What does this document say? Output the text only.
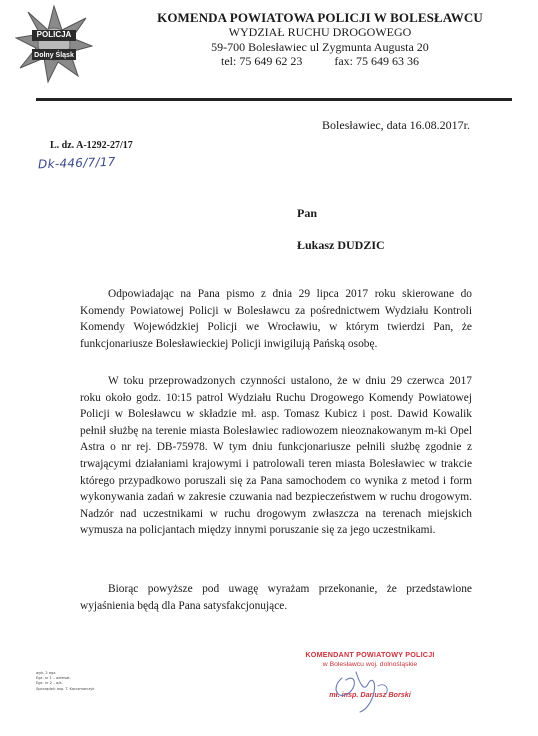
POLICJA
Dolny Śląsk
KOMENDA POWIATOWA POLICJI W BOLESŁAWCU
WYDZIAŁ RUCHU DROGOWEGO
59-700 Bolesławiec ul Zygmunta Augusta 20
tel: 75 649 62 23	fax: 75 649 63 36
Bolesławiec, data 16.08.2017r.
L. dz. A-1292-27/17
Dk-446/7/17
Pan
Łukasz DUDZIC
Odpowiadając na Pana pismo z dnia 29 lipca 2017 roku skierowane do Komendy Powiatowej Policji w Bolesławcu za pośrednictwem Wydziału Kontroli Komendy Wojewódzkiej Policji we Wrocławiu, w którym twierdzi Pan, że funkcjonariusze Bolesławieckiej Policji inwigilują Pańską osobę.
W toku przeprowadzonych czynności ustalono, że w dniu 29 czerwca 2017 roku około godz. 10:15 patrol Wydziału Ruchu Drogowego Komendy Powiatowej Policji w Bolesławcu w składzie mł. asp. Tomasz Kubicz i post. Dawid Kowalik pełnił służbę na terenie miasta Bolesławiec radiowozem nieoznakowanym m-ki Opel Astra o nr rej. DB-75978. W tym dniu funkcjonariusze pełnili służbę zgodnie z trwającymi działaniami krajowymi i patrolowali teren miasta Bolesławiec w trakcie którego przypadkowo poruszali się za Pana samochodem co wynika z metod i form wykonywania zadań w zakresie czuwania nad bezpieczeństwem w ruchu drogowym. Nadzór nad uczestnikami w ruchu drogowym zwłaszcza na terenach miejskich wymusza na policjantach między innymi poruszanie się za jego uczestnikami.
Biorąc powyższe pod uwagę wyrażam przekonanie, że przedstawione wyjaśnienia będą dla Pana satysfakcjonujące.
wyk. 2 egz.
Egz. nr 1 – adresat.
Egz. nr 2 – a/a.
Sporządził: asp. T. Karczmarczyk
KOMENDANT POWIATOWY POLICJI
w Bolesławcu woj. dolnośląskie
mł. insp. Dariusz Borski
